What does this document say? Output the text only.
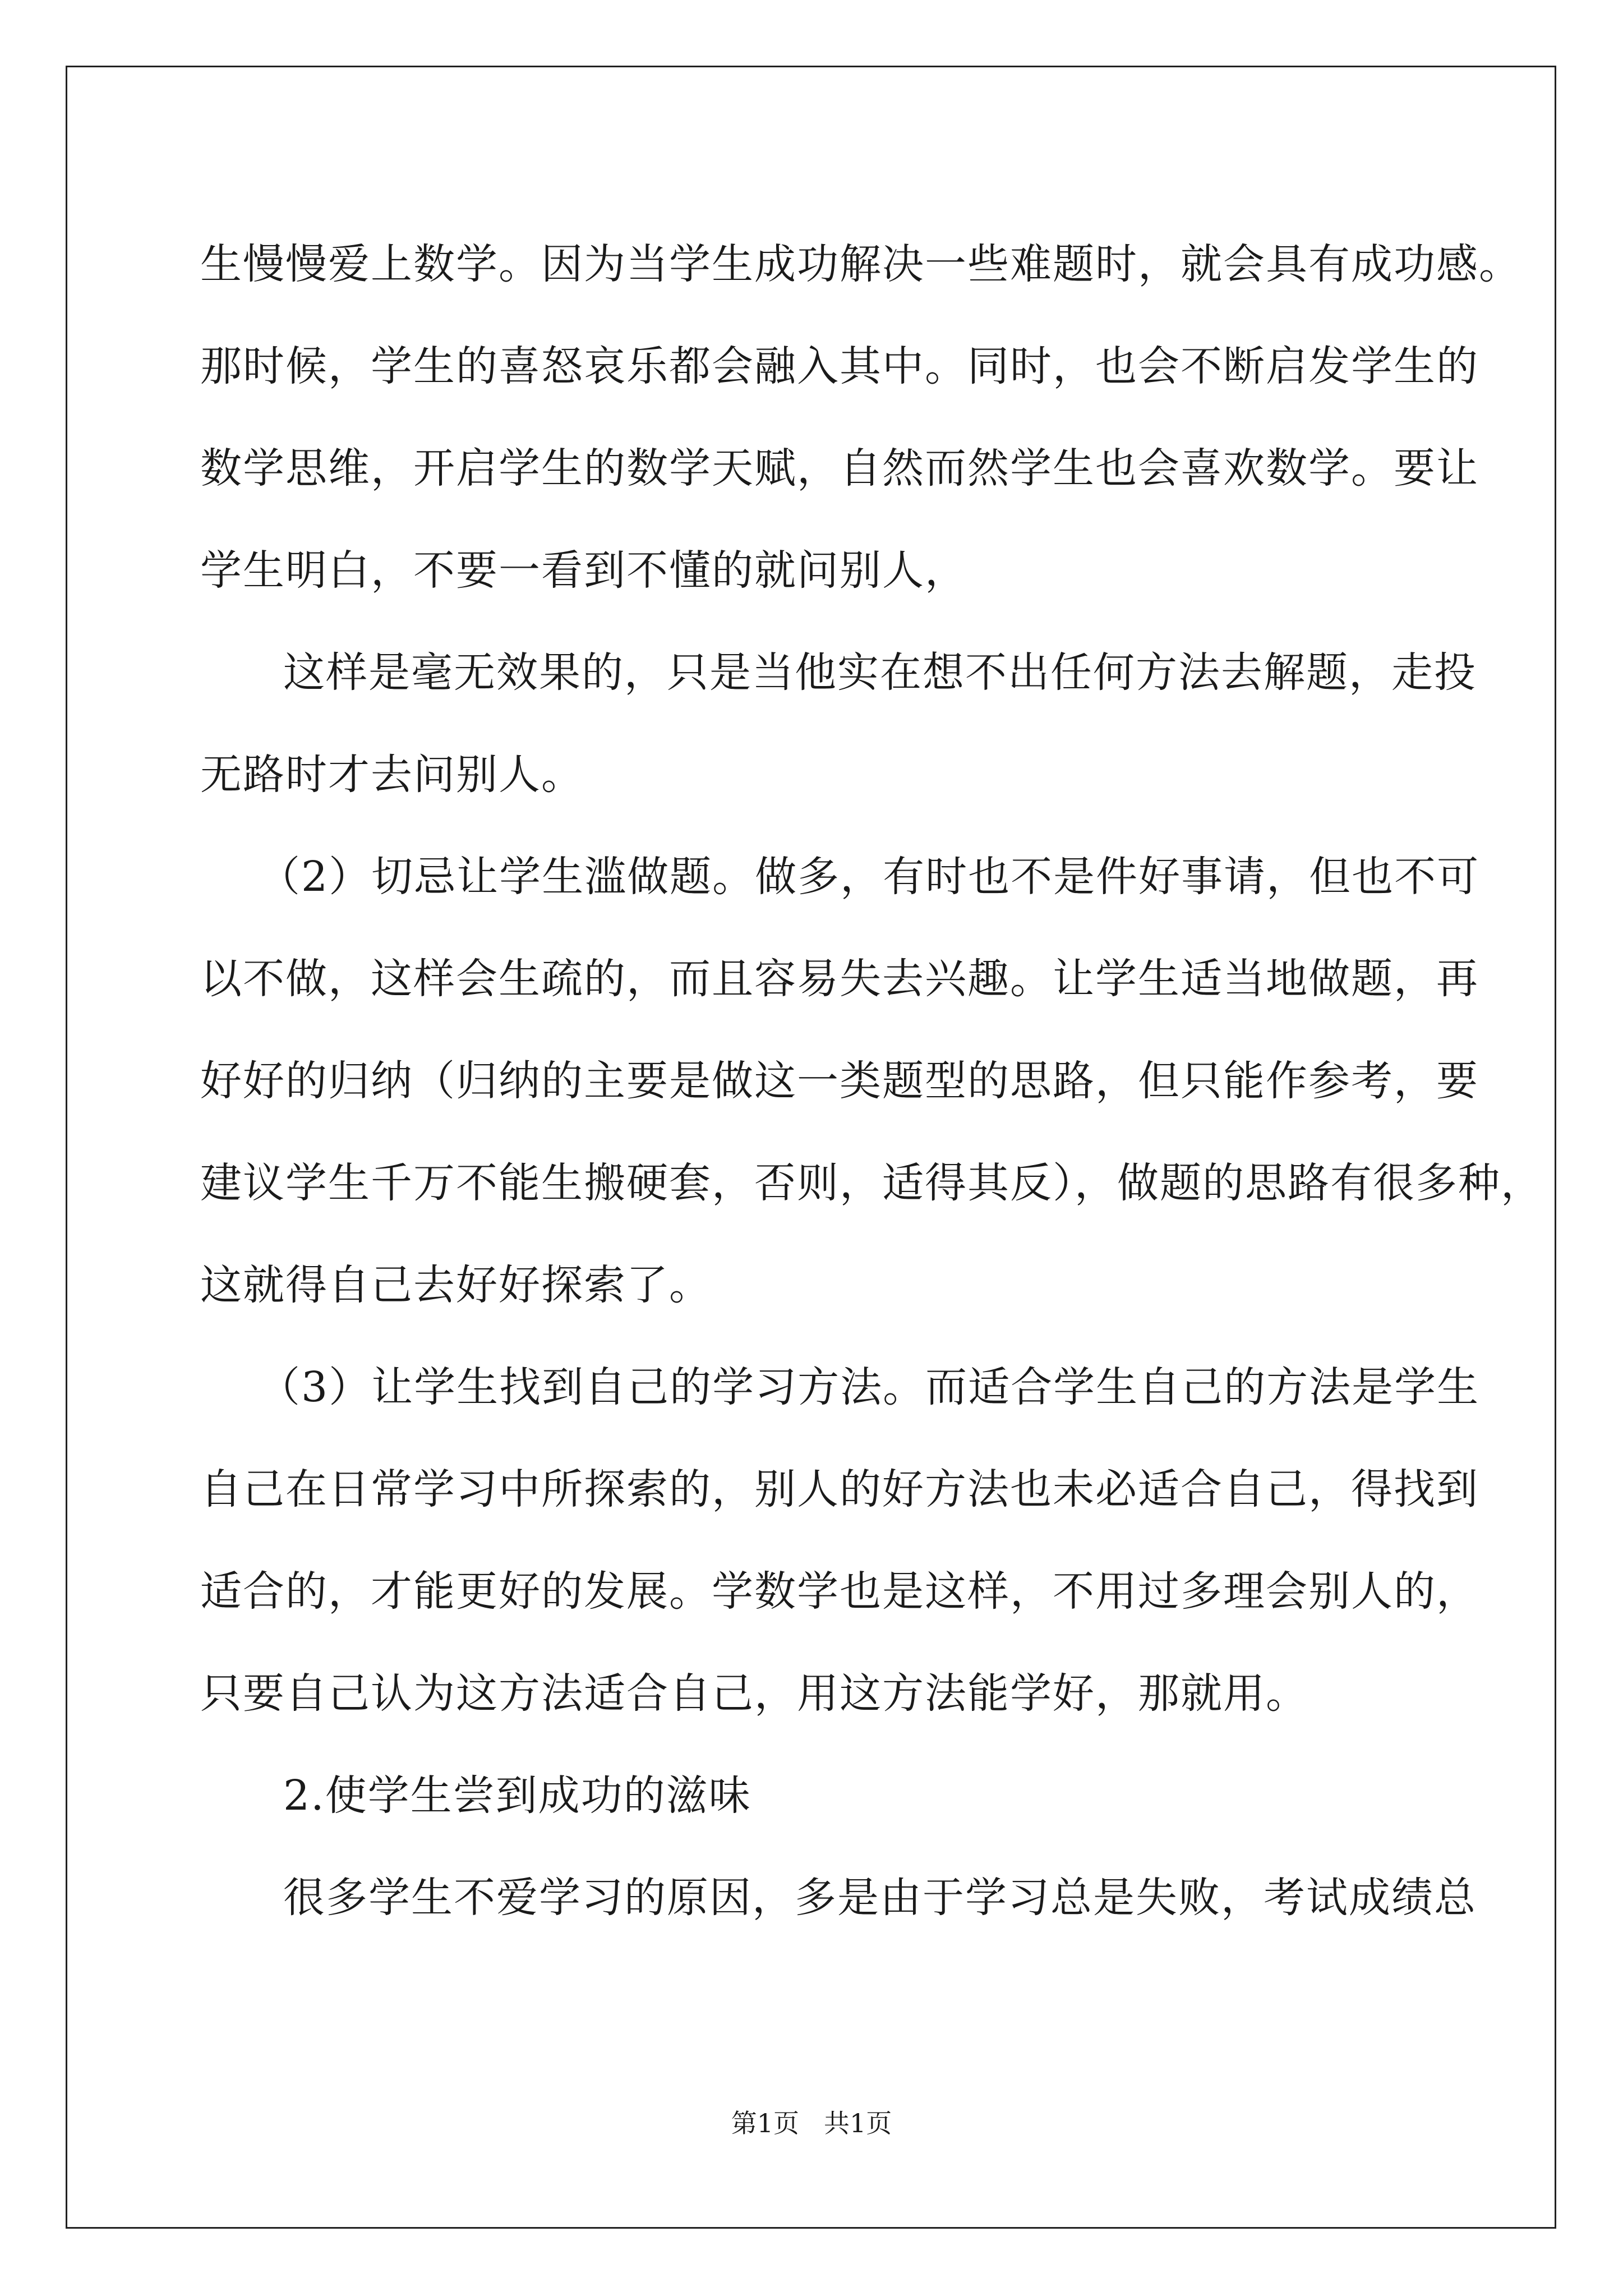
生慢慢爱上数学。因为当学生成功解决一些难题时，就会具有成功感。
那时候，学生的喜怒哀乐都会融入其中。同时，也会不断启发学生的
数学思维，开启学生的数学天赋，自然而然学生也会喜欢数学。要让
学生明白，不要一看到不懂的就问别人，
这样是毫无效果的，只是当他实在想不出任何方法去解题，走投
无路时才去问别人。
（2）切忌让学生滥做题。做多，有时也不是件好事请，但也不可
以不做，这样会生疏的，而且容易失去兴趣。让学生适当地做题，再
好好的归纳（归纳的主要是做这一类题型的思路，但只能作参考，要
建议学生千万不能生搬硬套，否则，适得其反），做题的思路有很多种，
这就得自己去好好探索了。
（3）让学生找到自己的学习方法。而适合学生自己的方法是学生
自己在日常学习中所探索的，别人的好方法也未必适合自己，得找到
适合的，才能更好的发展。学数学也是这样，不用过多理会别人的，
只要自己认为这方法适合自己，用这方法能学好，那就用。
2.使学生尝到成功的滋味
很多学生不爱学习的原因，多是由于学习总是失败，考试成绩总
第1页 共1页
